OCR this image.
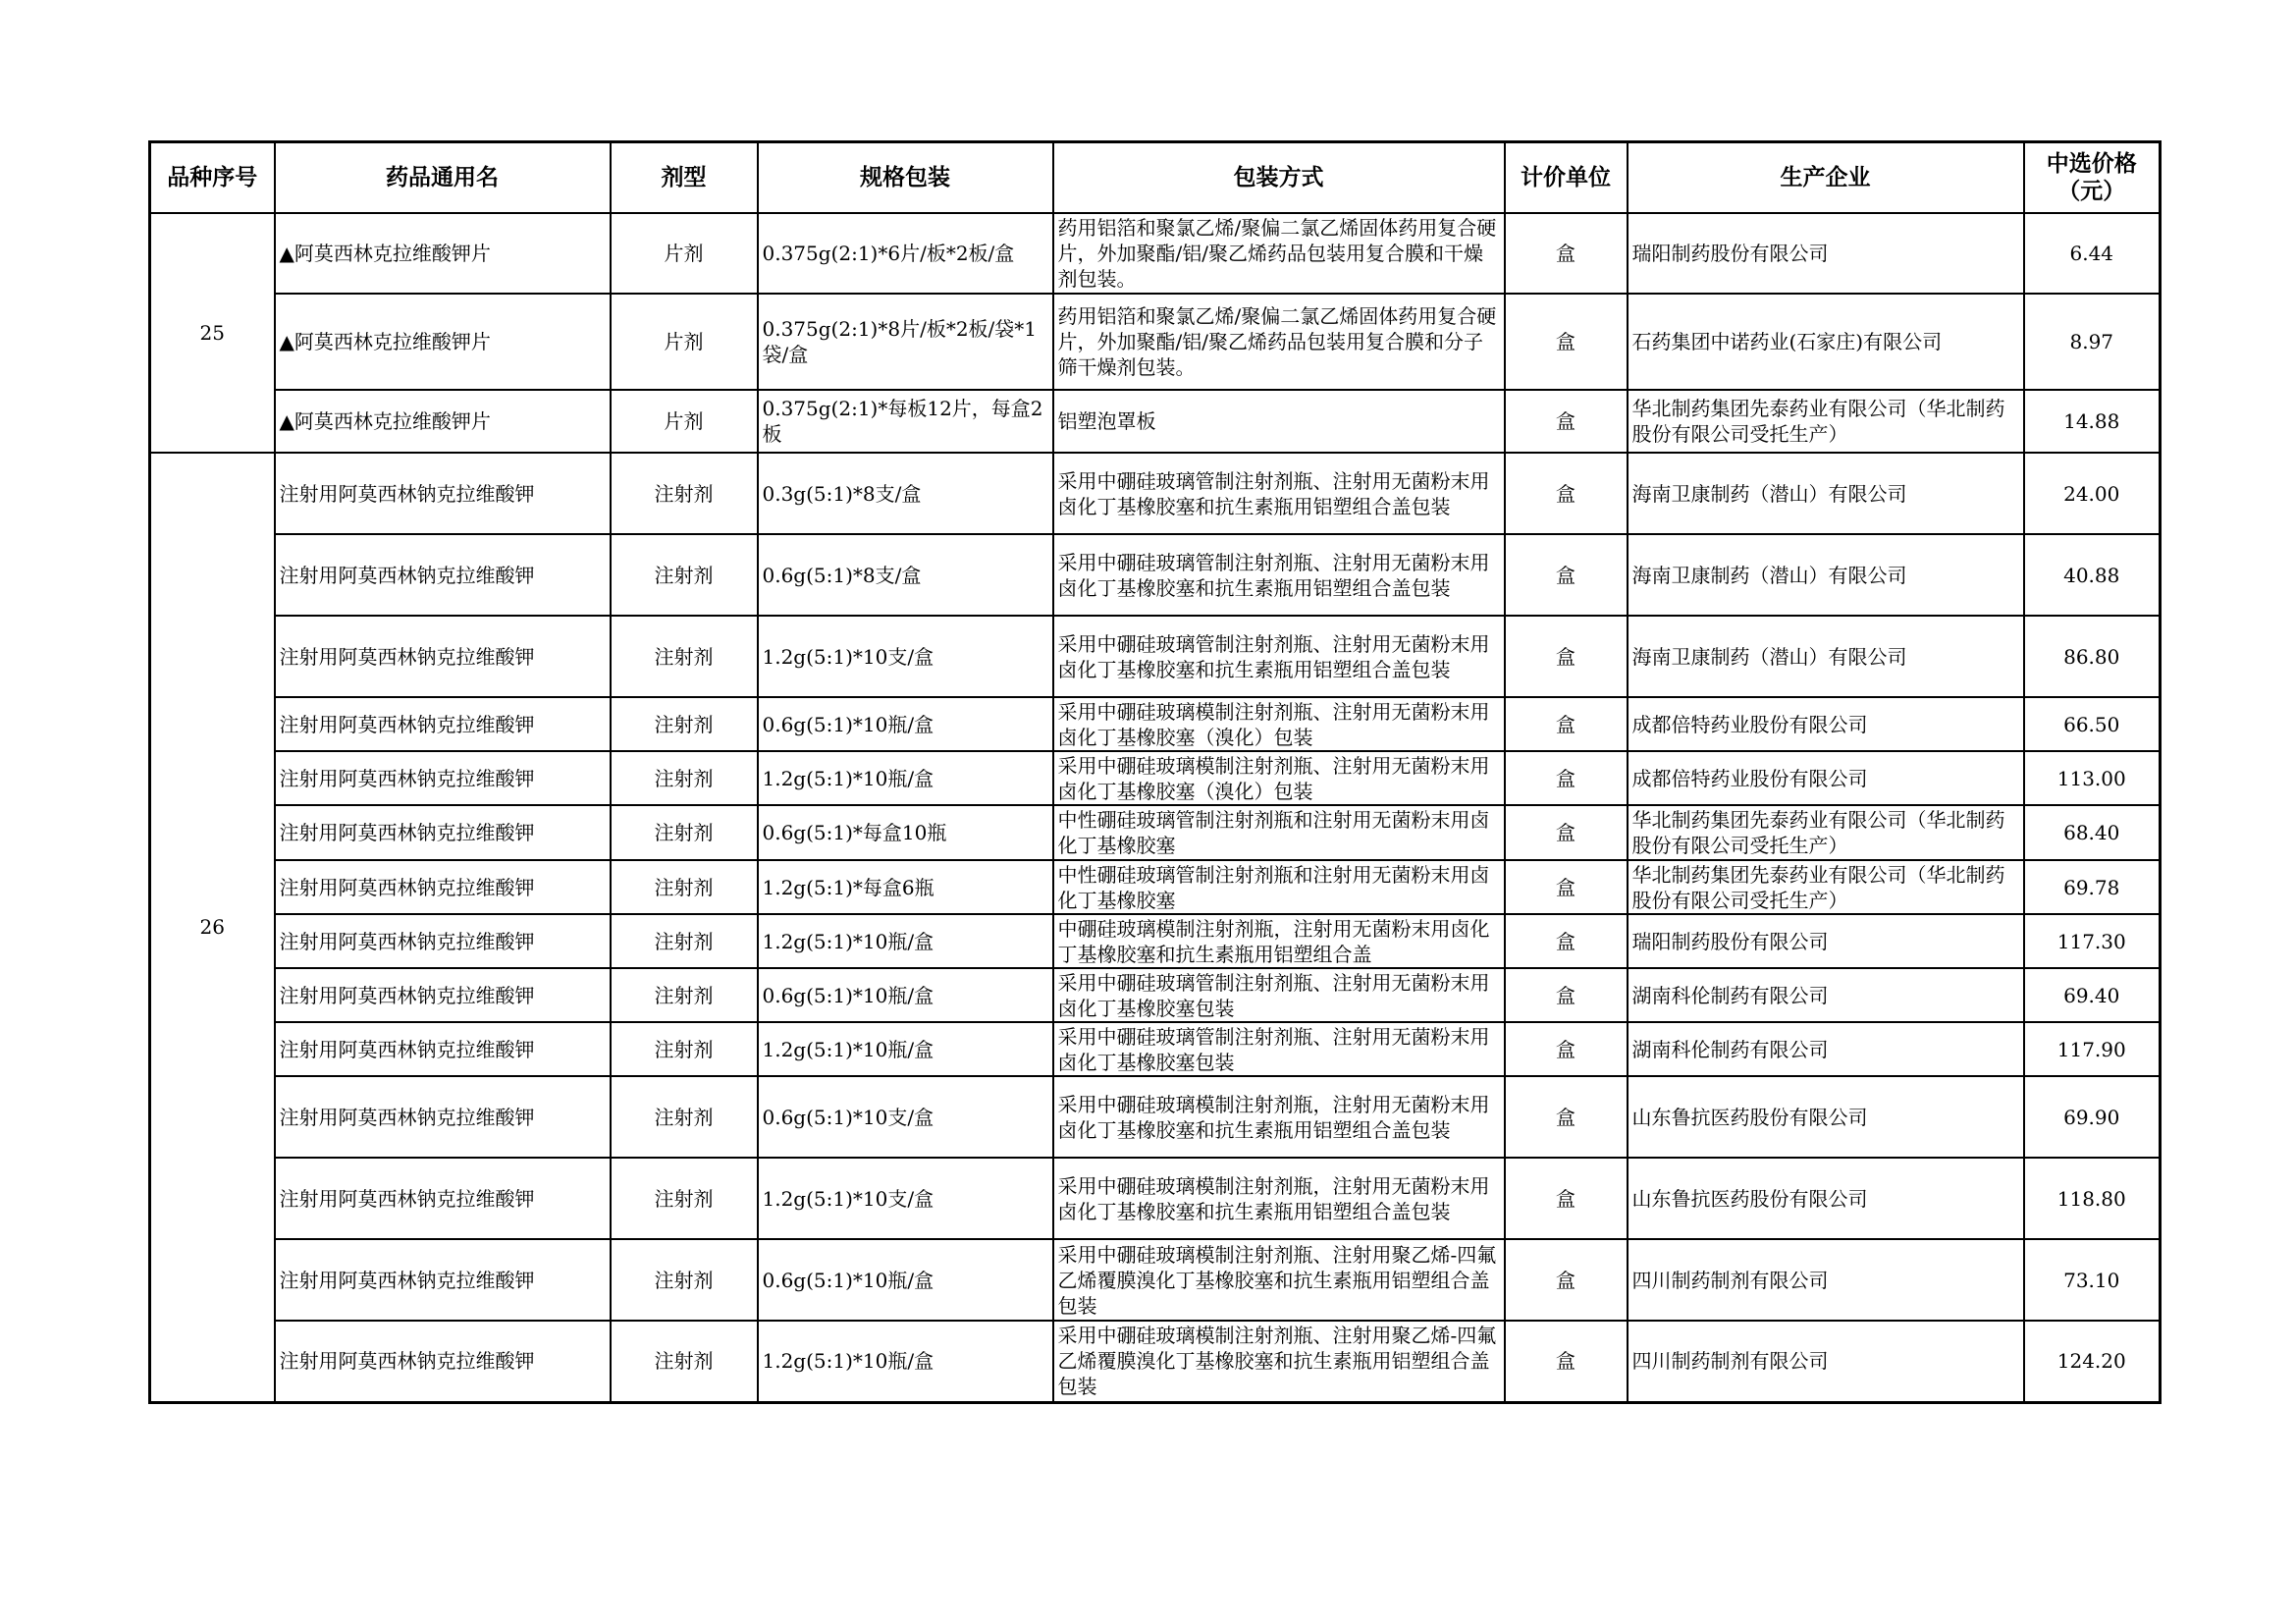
品种序号	药品通用名	剂型	规格包装	包装方式	计价单位	生产企业	中选价格
（元）

25	▲阿莫西林克拉维酸钾片	片剂	0.375g(2:1)*6片/板*2板/盒	药用铝箔和聚氯乙烯/聚偏二氯乙烯固体药用复合硬片，外加聚酯/铝/聚乙烯药品包装用复合膜和干燥剂包装。	盒	瑞阳制药股份有限公司	6.44
	▲阿莫西林克拉维酸钾片	片剂	0.375g(2:1)*8片/板*2板/袋*1袋/盒	药用铝箔和聚氯乙烯/聚偏二氯乙烯固体药用复合硬片，外加聚酯/铝/聚乙烯药品包装用复合膜和分子筛干燥剂包装。	盒	石药集团中诺药业(石家庄)有限公司	8.97
	▲阿莫西林克拉维酸钾片	片剂	0.375g(2:1)*每板12片，每盒2板	铝塑泡罩板	盒	华北制药集团先泰药业有限公司（华北制药股份有限公司受托生产）	14.88
26	注射用阿莫西林钠克拉维酸钾	注射剂	0.3g(5:1)*8支/盒	采用中硼硅玻璃管制注射剂瓶、注射用无菌粉末用卤化丁基橡胶塞和抗生素瓶用铝塑组合盖包装	盒	海南卫康制药（潜山）有限公司	24.00
	注射用阿莫西林钠克拉维酸钾	注射剂	0.6g(5:1)*8支/盒	采用中硼硅玻璃管制注射剂瓶、注射用无菌粉末用卤化丁基橡胶塞和抗生素瓶用铝塑组合盖包装	盒	海南卫康制药（潜山）有限公司	40.88
	注射用阿莫西林钠克拉维酸钾	注射剂	1.2g(5:1)*10支/盒	采用中硼硅玻璃管制注射剂瓶、注射用无菌粉末用卤化丁基橡胶塞和抗生素瓶用铝塑组合盖包装	盒	海南卫康制药（潜山）有限公司	86.80
	注射用阿莫西林钠克拉维酸钾	注射剂	0.6g(5:1)*10瓶/盒	采用中硼硅玻璃模制注射剂瓶、注射用无菌粉末用卤化丁基橡胶塞（溴化）包装	盒	成都倍特药业股份有限公司	66.50
	注射用阿莫西林钠克拉维酸钾	注射剂	1.2g(5:1)*10瓶/盒	采用中硼硅玻璃模制注射剂瓶、注射用无菌粉末用卤化丁基橡胶塞（溴化）包装	盒	成都倍特药业股份有限公司	113.00
	注射用阿莫西林钠克拉维酸钾	注射剂	0.6g(5:1)*每盒10瓶	中性硼硅玻璃管制注射剂瓶和注射用无菌粉末用卤化丁基橡胶塞	盒	华北制药集团先泰药业有限公司（华北制药股份有限公司受托生产）	68.40
	注射用阿莫西林钠克拉维酸钾	注射剂	1.2g(5:1)*每盒6瓶	中性硼硅玻璃管制注射剂瓶和注射用无菌粉末用卤化丁基橡胶塞	盒	华北制药集团先泰药业有限公司（华北制药股份有限公司受托生产）	69.78
	注射用阿莫西林钠克拉维酸钾	注射剂	1.2g(5:1)*10瓶/盒	中硼硅玻璃模制注射剂瓶，注射用无菌粉末用卤化丁基橡胶塞和抗生素瓶用铝塑组合盖	盒	瑞阳制药股份有限公司	117.30
	注射用阿莫西林钠克拉维酸钾	注射剂	0.6g(5:1)*10瓶/盒	采用中硼硅玻璃管制注射剂瓶、注射用无菌粉末用卤化丁基橡胶塞包装	盒	湖南科伦制药有限公司	69.40
	注射用阿莫西林钠克拉维酸钾	注射剂	1.2g(5:1)*10瓶/盒	采用中硼硅玻璃管制注射剂瓶、注射用无菌粉末用卤化丁基橡胶塞包装	盒	湖南科伦制药有限公司	117.90
	注射用阿莫西林钠克拉维酸钾	注射剂	0.6g(5:1)*10支/盒	采用中硼硅玻璃模制注射剂瓶，注射用无菌粉末用卤化丁基橡胶塞和抗生素瓶用铝塑组合盖包装	盒	山东鲁抗医药股份有限公司	69.90
	注射用阿莫西林钠克拉维酸钾	注射剂	1.2g(5:1)*10支/盒	采用中硼硅玻璃模制注射剂瓶，注射用无菌粉末用卤化丁基橡胶塞和抗生素瓶用铝塑组合盖包装	盒	山东鲁抗医药股份有限公司	118.80
	注射用阿莫西林钠克拉维酸钾	注射剂	0.6g(5:1)*10瓶/盒	采用中硼硅玻璃模制注射剂瓶、注射用聚乙烯-四氟乙烯覆膜溴化丁基橡胶塞和抗生素瓶用铝塑组合盖包装	盒	四川制药制剂有限公司	73.10
	注射用阿莫西林钠克拉维酸钾	注射剂	1.2g(5:1)*10瓶/盒	采用中硼硅玻璃模制注射剂瓶、注射用聚乙烯-四氟乙烯覆膜溴化丁基橡胶塞和抗生素瓶用铝塑组合盖包装	盒	四川制药制剂有限公司	124.20
